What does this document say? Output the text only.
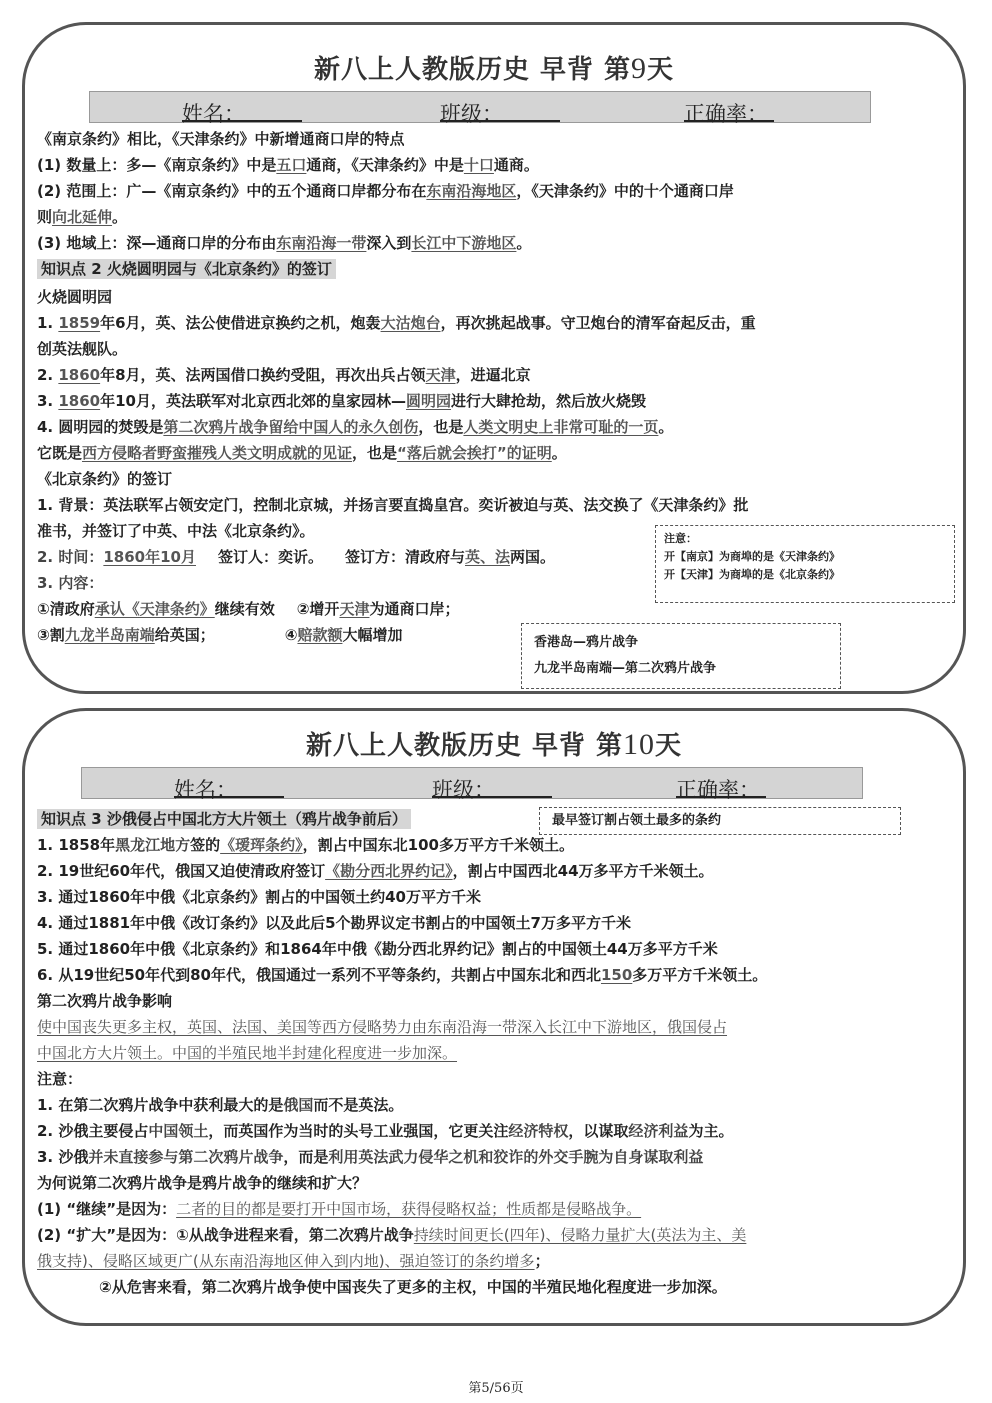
新八上人教版历史 早背 第9天
姓名：	班级：	正确率：
《南京条约》相比，《天津条约》中新增通商口岸的特点
(1) 数量上：多—《南京条约》中是五口通商，《天津条约》中是十口通商。
(2) 范围上：广—《南京条约》中的五个通商口岸都分布在东南沿海地区，《天津条约》中的十个通商口岸
则向北延伸。
(3) 地域上：深—通商口岸的分布由东南沿海一带深入到长江中下游地区。
知识点 2 火烧圆明园与《北京条约》的签订
火烧圆明园
1. 1859年6月，英、法公使借进京换约之机，炮轰大沽炮台，再次挑起战事。守卫炮台的清军奋起反击，重
创英法舰队。
2. 1860年8月，英、法两国借口换约受阻，再次出兵占领天津，进逼北京
3. 1860年10月，英法联军对北京西北郊的皇家园林—圆明园进行大肆抢劫，然后放火烧毁
4. 圆明园的焚毁是第二次鸦片战争留给中国人的永久创伤，也是人类文明史上非常可耻的一页。
它既是西方侵略者野蛮摧残人类文明成就的见证，也是“落后就会挨打”的证明。
《北京条约》的签订
1. 背景：英法联军占领安定门，控制北京城，并扬言要直捣皇宫。奕䜣被迫与英、法交换了《天津条约》批
准书，并签订了中英、中法《北京条约》。
2. 时间：1860年10月 签订人：奕䜣。 签订方：清政府与英、法两国。
3. 内容：
①清政府承认《天津条约》继续有效 ②增开天津为通商口岸；
③割九龙半岛南端给英国；	④赔款额大幅增加
注意：
开【南京】为商埠的是《天津条约》
开【天津】为商埠的是《北京条约》
香港岛—鸦片战争
九龙半岛南端—第二次鸦片战争
新八上人教版历史 早背 第10天
姓名：	班级：	正确率：
知识点 3 沙俄侵占中国北方大片领土（鸦片战争前后）	最早签订割占领土最多的条约
1. 1858年黑龙江地方签的《瑷珲条约》，割占中国东北100多万平方千米领土。
2. 19世纪60年代，俄国又迫使清政府签订《勘分西北界约记》，割占中国西北44万多平方千米领土。
3. 通过1860年中俄《北京条约》割占的中国领土约40万平方千米
4. 通过1881年中俄《改订条约》以及此后5个勘界议定书割占的中国领土7万多平方千米
5. 通过1860年中俄《北京条约》和1864年中俄《勘分西北界约记》割占的中国领土44万多平方千米
6. 从19世纪50年代到80年代，俄国通过一系列不平等条约，共割占中国东北和西北150多万平方千米领土。
第二次鸦片战争影响
使中国丧失更多主权，英国、法国、美国等西方侵略势力由东南沿海一带深入长江中下游地区，俄国侵占
中国北方大片领土。中国的半殖民地半封建化程度进一步加深。
注意：
1. 在第二次鸦片战争中获利最大的是俄国而不是英法。
2. 沙俄主要侵占中国领土，而英国作为当时的头号工业强国，它更关注经济特权，以谋取经济利益为主。
3. 沙俄并未直接参与第二次鸦片战争，而是利用英法武力侵华之机和狡诈的外交手腕为自身谋取利益
为何说第二次鸦片战争是鸦片战争的继续和扩大？
(1) “继续”是因为：二者的目的都是要打开中国市场，获得侵略权益；性质都是侵略战争。
(2) “扩大”是因为：①从战争进程来看，第二次鸦片战争持续时间更长(四年)、侵略力量扩大(英法为主、美
俄支持)、侵略区域更广(从东南沿海地区伸入到内地)、强迫签订的条约增多；
②从危害来看，第二次鸦片战争使中国丧失了更多的主权，中国的半殖民地化程度进一步加深。
第5/56页
